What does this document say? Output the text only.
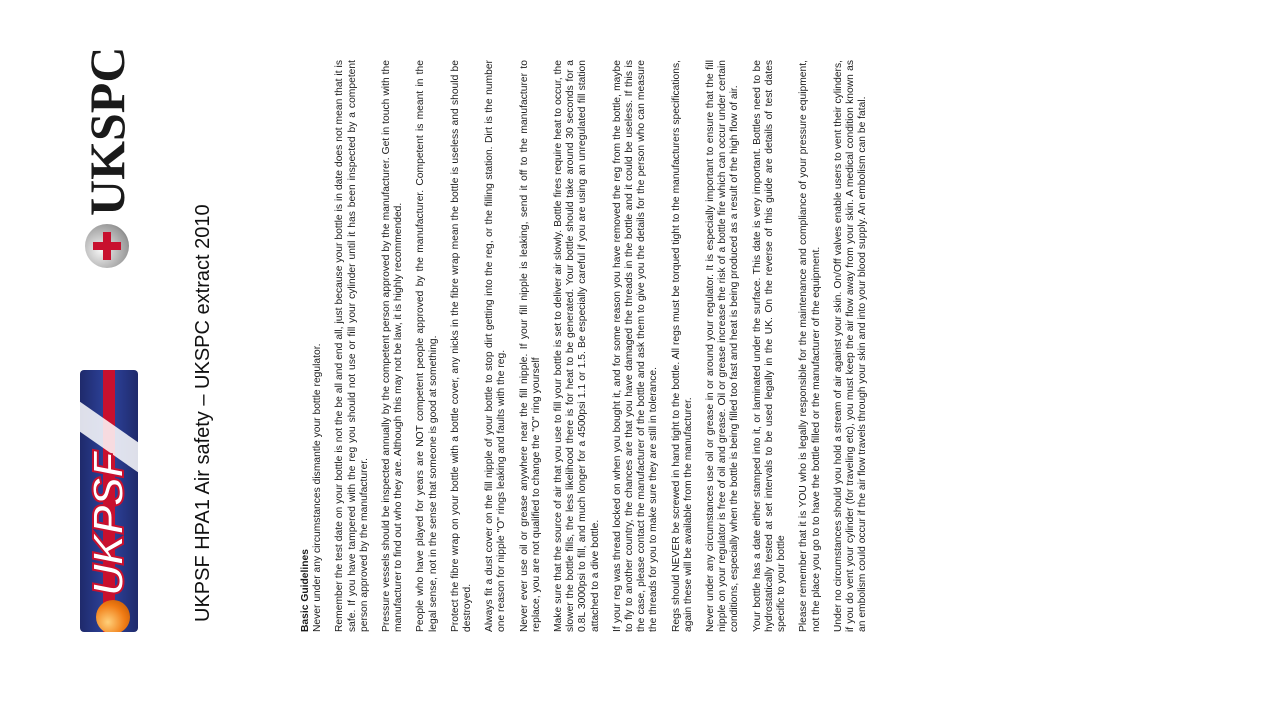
UKPSF
UKSPC
UKPSF HPA1 Air safety – UKSPC extract 2010	Basic Guidelines Never under any circumstances dismantle your bottle regulator. Remember the test date on your bottle is not the be all and end all, just because your bottle is in date does not mean that it is safe. If you have tampered with the reg you should not use or fill your cylinder until it has been inspected by a competent person approved by the manufacturer. Pressure vessels should be inspected annually by the competent person approved by the manufacturer. Get in touch with the manufacturer to find out who they are. Although this may not be law, it is highly recommended. People who have played for years are NOT competent people approved by the manufacturer. Competent is meant in the legal sense, not in the sense that someone is good at something. Protect the fibre wrap on your bottle with a bottle cover, any nicks in the fibre wrap mean the bottle is useless and should be destroyed. Always fit a dust cover on the fill nipple of your bottle to stop dirt getting into the reg, or the filling station. Dirt is the number one reason for nipple "O" rings leaking and faults with the reg. Never ever use oil or grease anywhere near the fill nipple. If your fill nipple is leaking, send it off to the manufacturer to replace, you are not qualified to change the "O" ring yourself Make sure that the source of air that you use to fill your bottle is set to deliver air slowly. Bottle fires require heat to occur, the slower the bottle fills, the less likelihood there is for heat to be generated. Your bottle should take around 30 seconds for a 0.8L 3000psi to fill, and much longer for a 4500psi 1.1 or 1.5. Be especially careful if you are using an unregulated fill station attached to a dive bottle. If your reg was thread locked on when you bought it, and for some reason you have removed the reg from the bottle, maybe to fly to another country, the chances are that you have damaged the threads in the bottle and it could be useless. If this is the case, please contact the manufacturer of the bottle and ask them to give you the details for the person who can measure the threads for you to make sure they are still in tolerance. Regs should NEVER be screwed in hand tight to the bottle. All regs must be torqued tight to the manufacturers specifications, again these will be available from the manufacturer. Never under any circumstances use oil or grease in or around your regulator. It is especially important to ensure that the fill nipple on your regulator is free of oil and grease. Oil or grease increase the risk of a bottle fire which can occur under certain conditions, especially when the bottle is being filled too fast and heat is being produced as a result of the high flow of air. Your bottle has a date either stamped into it, or laminated under the surface. This date is very important. Bottles need to be hydrostatically tested at set intervals to be used legally in the UK. On the reverse of this guide are details of test dates specific to your bottle Please remember that it is YOU who is legally responsible for the maintenance and compliance of your pressure equipment, not the place you go to to have the bottle filled or the manufacturer of the equipment. Under no circumstances should you hold a stream of air against your skin. On/Off valves enable users to vent their cylinders, if you do vent your cylinder (for traveling etc), you must keep the air flow away from your skin. A medical condition known as an embolism could occur if the air flow travels through your skin and into your blood supply. An embolism can be fatal.
